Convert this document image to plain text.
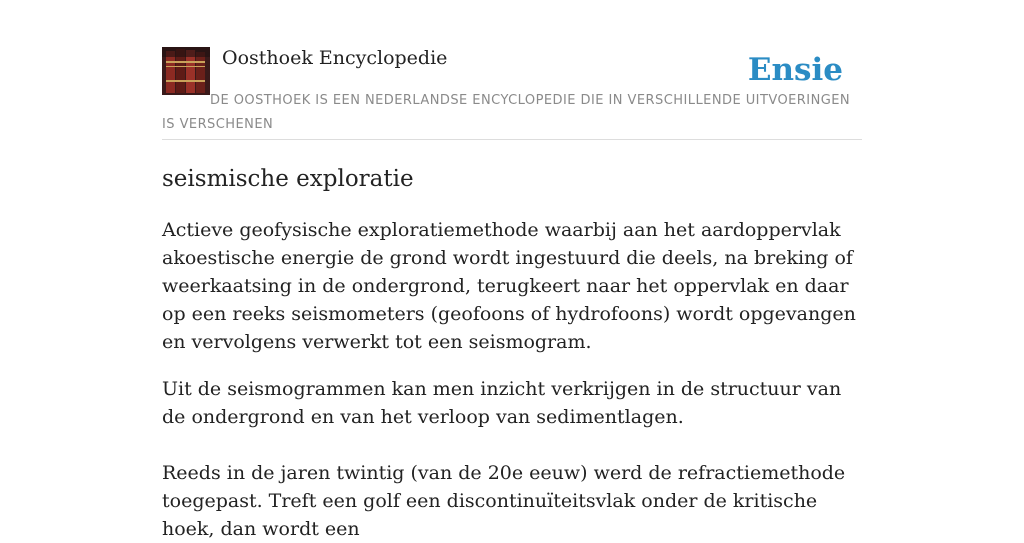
Oosthoek Encyclopedie	Ensie
DE OOSTHOEK IS EEN NEDERLANDSE ENCYCLOPEDIE DIE IN VERSCHILLENDE UITVOERINGEN IS VERSCHENEN
seismische exploratie

Actieve geofysische exploratiemethode waarbij aan het aardoppervlak akoestische energie de grond wordt ingestuurd die deels, na breking of weerkaatsing in de ondergrond, terugkeert naar het oppervlak en daar op een reeks seismometers (geofoons of hydrofoons) wordt opgevangen en vervolgens verwerkt tot een seismogram.

Uit de seismogrammen kan men inzicht verkrijgen in de structuur van de ondergrond en van het verloop van sedimentlagen.

Reeds in de jaren twintig (van de 20e eeuw) werd de refractiemethode toegepast. Treft een golf een discontinuïteitsvlak onder de kritische hoek, dan wordt een
